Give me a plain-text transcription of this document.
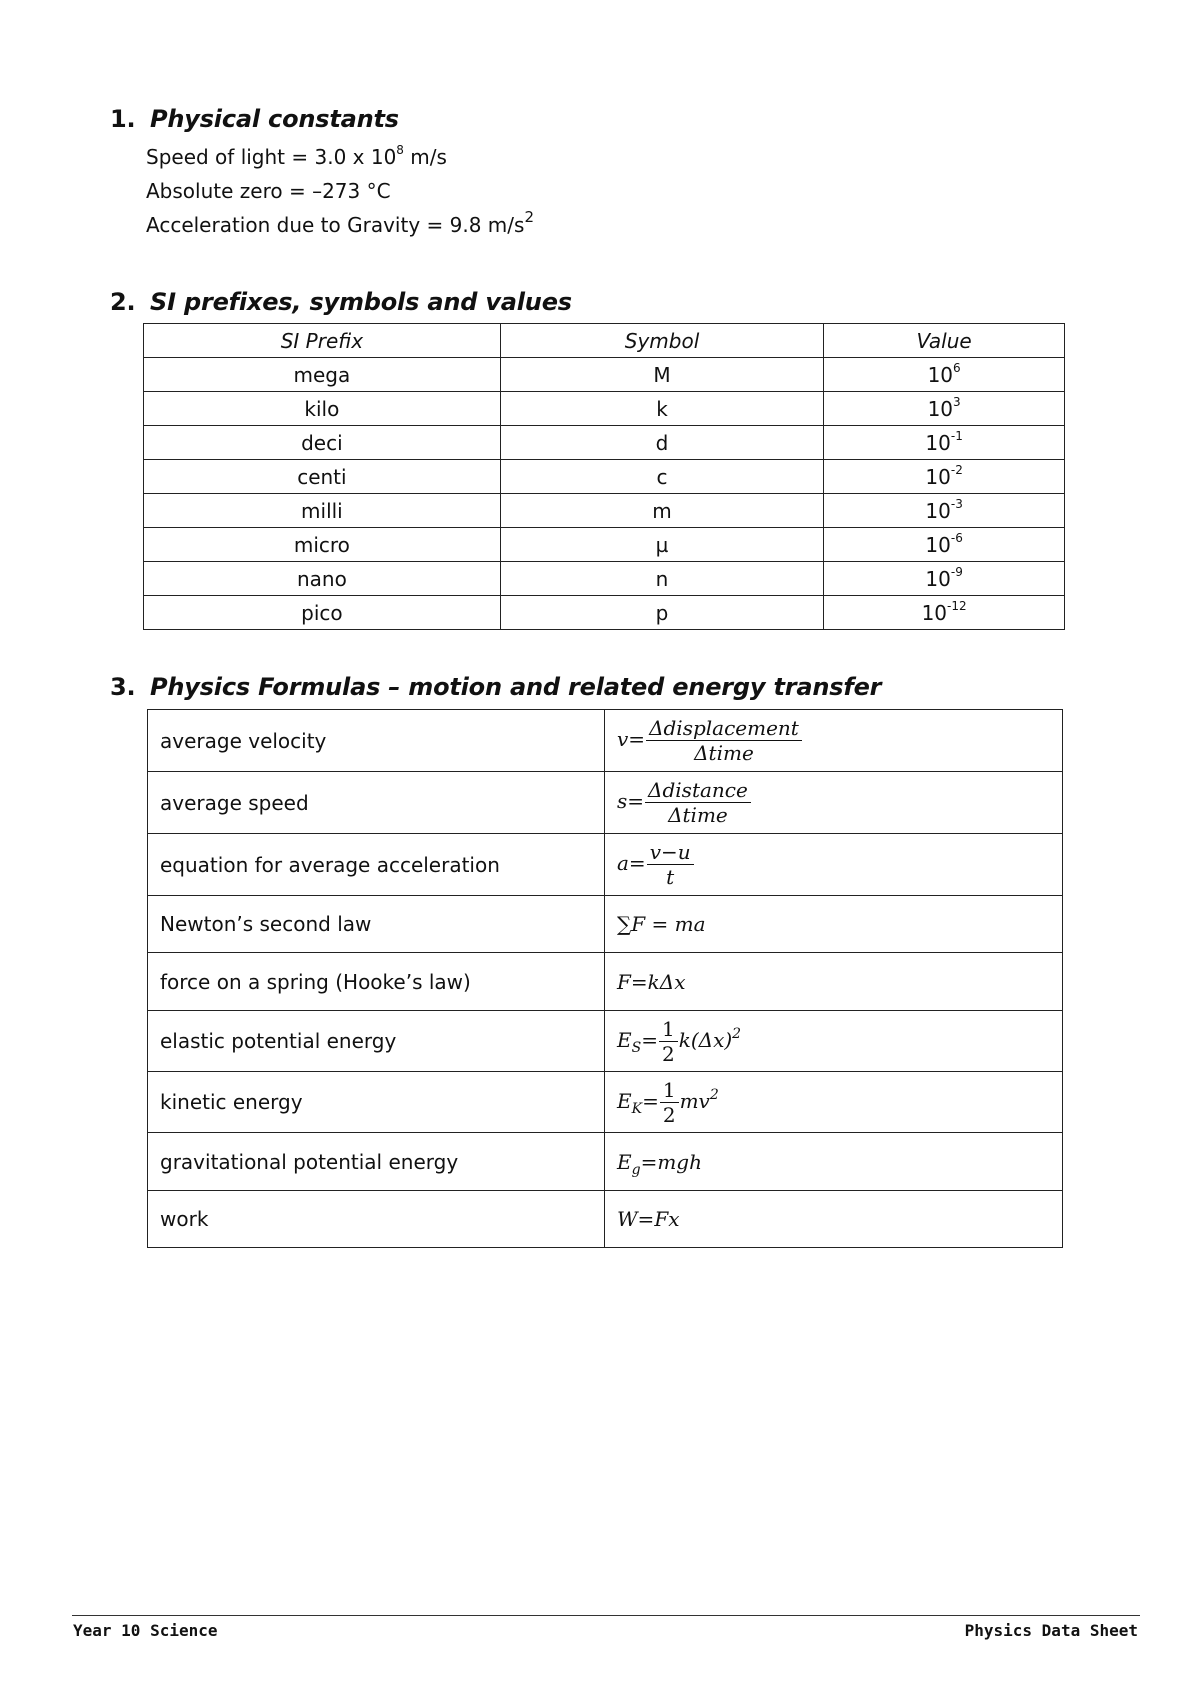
1. Physical constants
Speed of light = 3.0 x $10^8$ m/s
Absolute zero = –273 °C
Acceleration due to Gravity = 9.8 $m/s^2$
2. SI prefixes, symbols and values
SI Prefix	Symbol	Value
mega	M	$10^6$
kilo	k	$10^3$
deci	d	$10^{-1}$
centi	c	$10^{-2}$
milli	m	$10^{-3}$
micro	µ	$10^{-6}$
nano	n	$10^{-9}$
pico	p	$10^{-12}$
3. Physics Formulas – motion and related energy transfer
average velocity	$v= \frac{\text{Δdisplacement}}{\text{Δtime}}$

average speed	$s= \frac{\text{Δdistance}}{\text{Δtime}}$

equation for average acceleration	$a= \frac{v-u}{t}$

Newton’s second law	∑F = ma
force on a spring (Hooke’s law)	F=kΔx
elastic potential energy	$E_S= \frac{1}{2} k(\Delta x)^2$
kinetic energy	$E_K= \frac{1}{2} mv^2$
gravitational potential energy	$E_g=mgh$
work	W=Fx
Year 10 Science	Physics Data Sheet
